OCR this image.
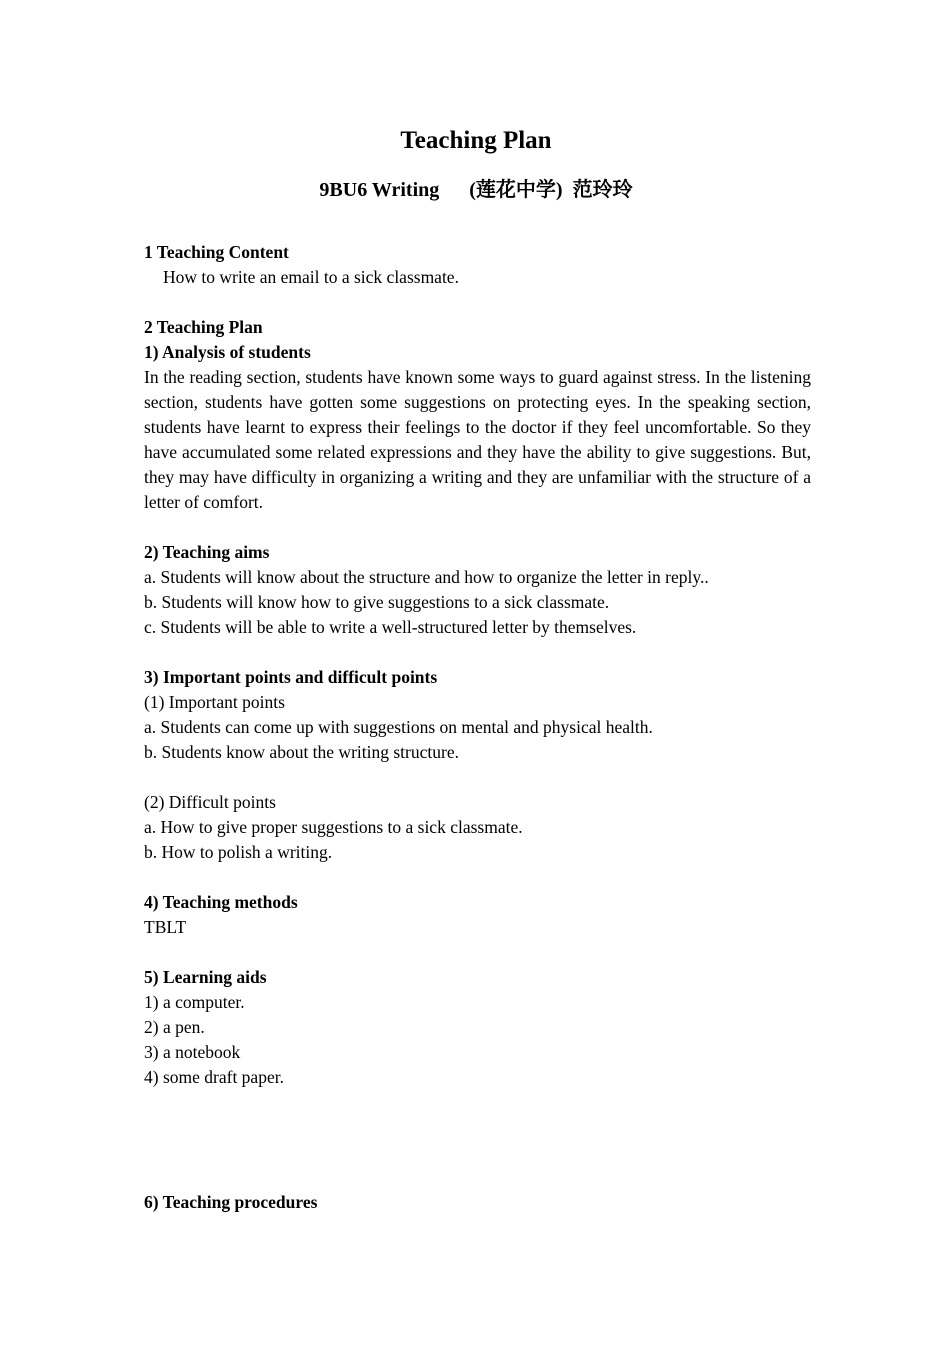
Teaching Plan
9BU6 Writing      (莲花中学)  范玲玲
1 Teaching Content
How to write an email to a sick classmate.
2 Teaching Plan
1) Analysis of students
In the reading section, students have known some ways to guard against stress. In the listening section, students have gotten some suggestions on protecting eyes. In the speaking section, students have learnt to express their feelings to the doctor if they feel uncomfortable. So they have accumulated some related expressions and they have the ability to give suggestions. But, they may have difficulty in organizing a writing and they are unfamiliar with the structure of a letter of comfort.
2) Teaching aims
a. Students will know about the structure and how to organize the letter in reply..
b. Students will know how to give suggestions to a sick classmate.
c. Students will be able to write a well-structured letter by themselves.
3) Important points and difficult points
(1) Important points
a. Students can come up with suggestions on mental and physical health.
b. Students know about the writing structure.
(2) Difficult points
a. How to give proper suggestions to a sick classmate.
b. How to polish a writing.
4) Teaching methods
TBLT
5) Learning aids
1) a computer.
2) a pen.
3) a notebook
4) some draft paper.
6) Teaching procedures
